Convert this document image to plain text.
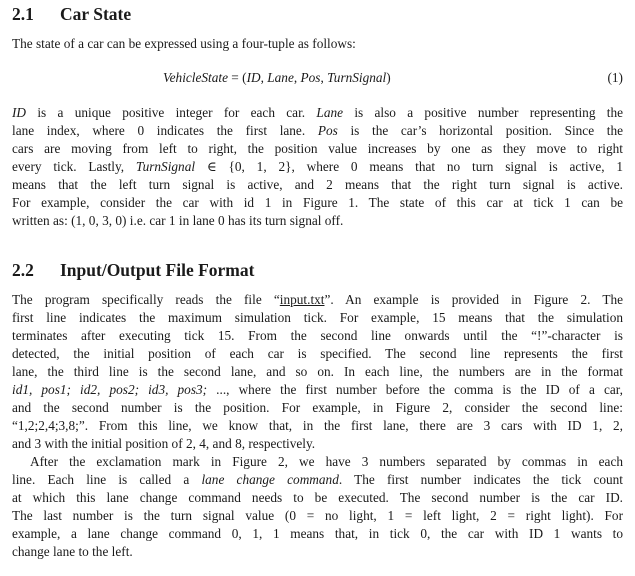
2.1 Car State
The state of a car can be expressed using a four-tuple as follows:
VehicleState = (ID, Lane, Pos, TurnSignal)	(1)
ID is a unique positive integer for each car. Lane is also a positive number representing the
lane index, where 0 indicates the first lane. Pos is the car’s horizontal position. Since the
cars are moving from left to right, the position value increases by one as they move to right
every tick. Lastly, TurnSignal ∈ {0, 1, 2}, where 0 means that no turn signal is active, 1
means that the left turn signal is active, and 2 means that the right turn signal is active.
For example, consider the car with id 1 in Figure 1. The state of this car at tick 1 can be
written as: (1, 0, 3, 0) i.e. car 1 in lane 0 has its turn signal off.
2.2 Input/Output File Format
The program specifically reads the file “input.txt”. An example is provided in Figure 2. The
first line indicates the maximum simulation tick. For example, 15 means that the simulation
terminates after executing tick 15. From the second line onwards until the “!”-character is
detected, the initial position of each car is specified. The second line represents the first
lane, the third line is the second lane, and so on. In each line, the numbers are in the format
id1, pos1; id2, pos2; id3, pos3; ..., where the first number before the comma is the ID of a car,
and the second number is the position. For example, in Figure 2, consider the second line:
“1,2;2,4;3,8;”. From this line, we know that, in the first lane, there are 3 cars with ID 1, 2,
and 3 with the initial position of 2, 4, and 8, respectively.
After the exclamation mark in Figure 2, we have 3 numbers separated by commas in each
line. Each line is called a lane change command. The first number indicates the tick count
at which this lane change command needs to be executed. The second number is the car ID.
The last number is the turn signal value (0 = no light, 1 = left light, 2 = right light). For
example, a lane change command 0, 1, 1 means that, in tick 0, the car with ID 1 wants to
change lane to the left.
